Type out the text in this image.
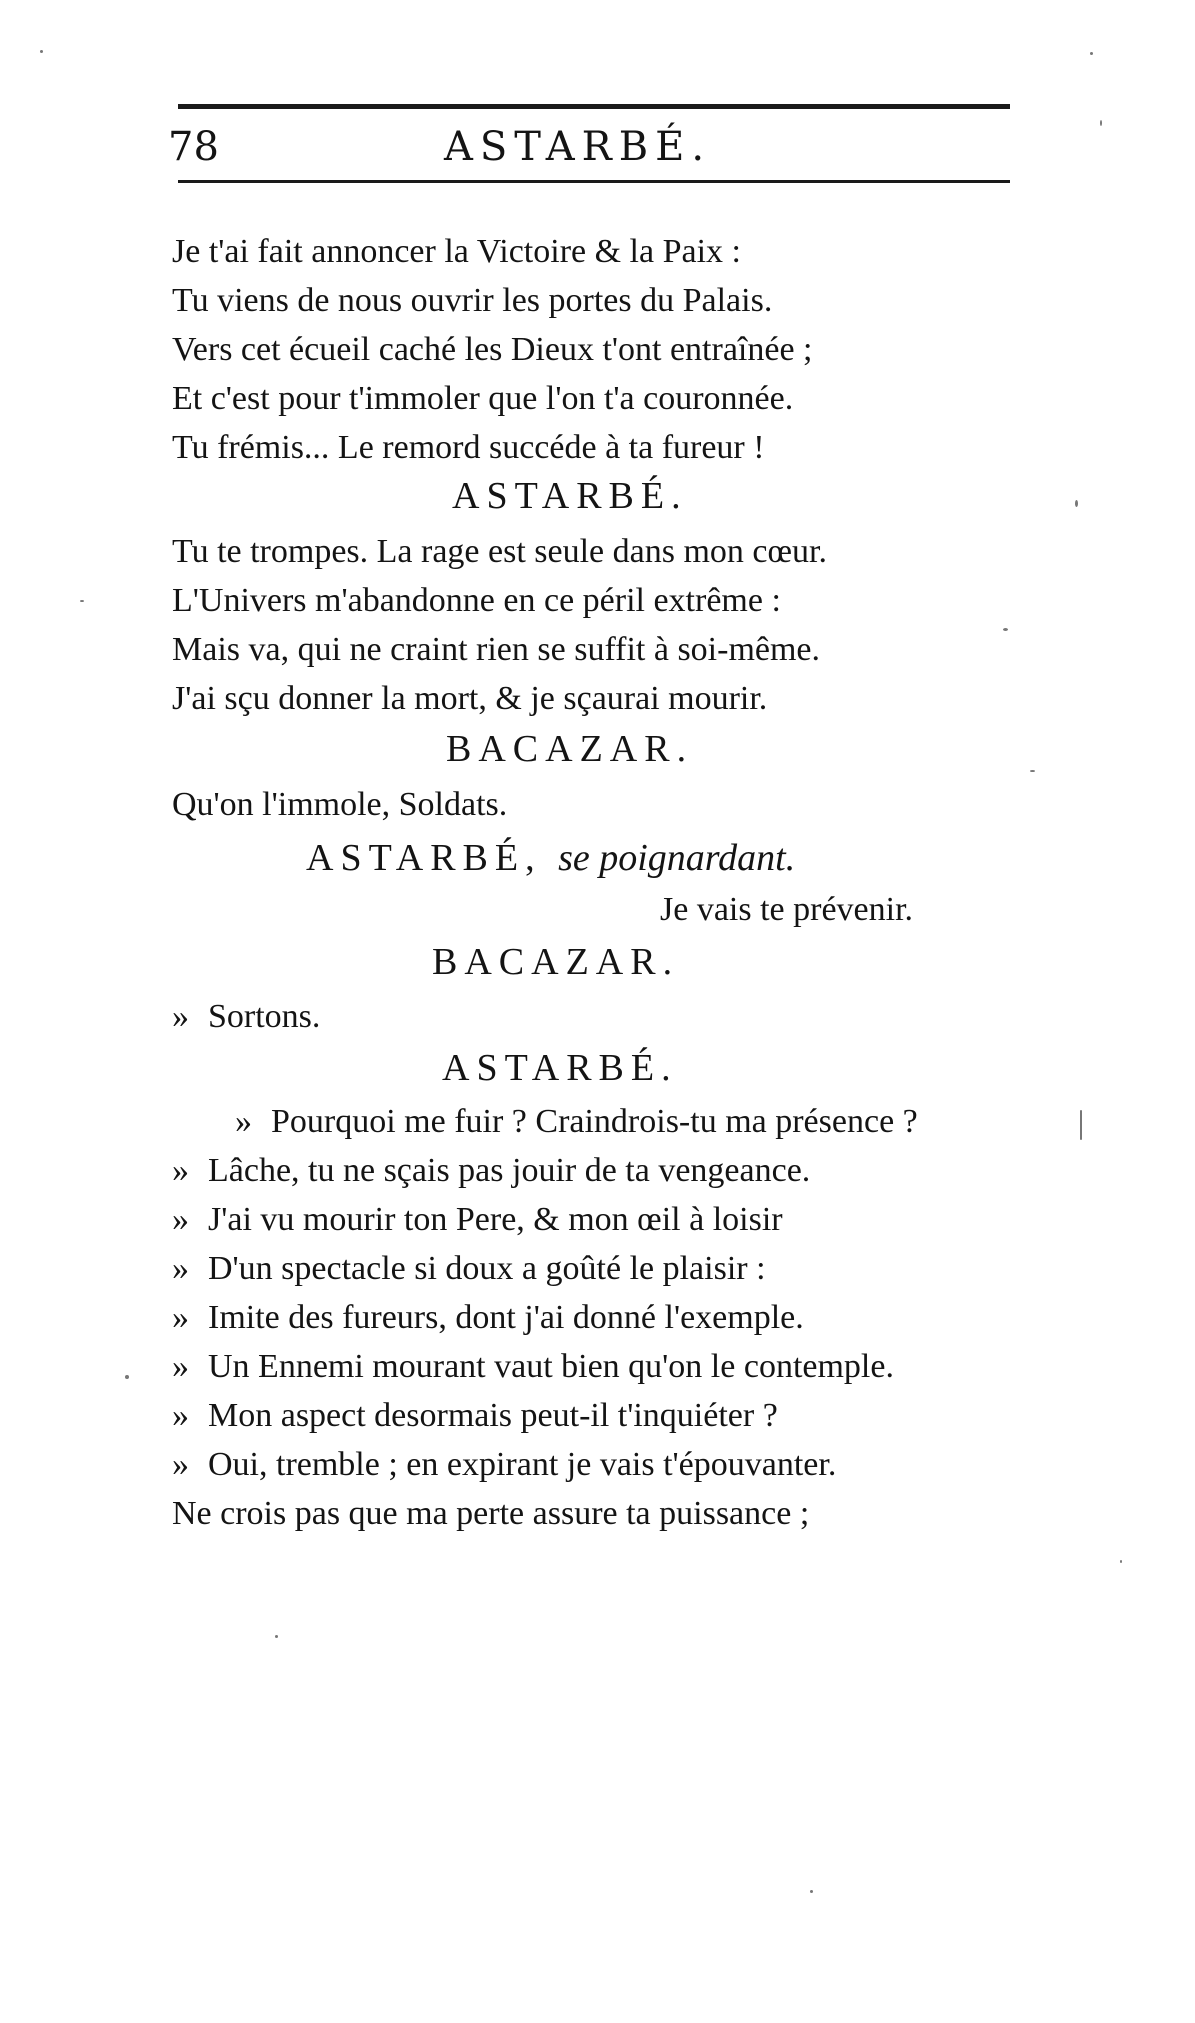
78	ASTARBÉ.
Je t'ai fait annoncer la Victoire & la Paix :
Tu viens de nous ouvrir les portes du Palais.
Vers cet écueil caché les Dieux t'ont entraînée ;
Et c'est pour t'immoler que l'on t'a couronnée.
Tu frémis... Le remord succéde à ta fureur !
ASTARBÉ.
Tu te trompes. La rage est seule dans mon cœur.
L'Univers m'abandonne en ce péril extrême :
Mais va, qui ne craint rien se suffit à soi-même.
J'ai sçu donner la mort, & je sçaurai mourir.
BACAZAR.
Qu'on l'immole, Soldats.
ASTARBÉ, se poignardant.
Je vais te prévenir.
BACAZAR.
» Sortons.
ASTARBÉ.
» Pourquoi me fuir ? Craindrois-tu ma présence ?
» Lâche, tu ne sçais pas jouir de ta vengeance.
» J'ai vu mourir ton Pere, & mon œil à loisir
» D'un spectacle si doux a goûté le plaisir :
» Imite des fureurs, dont j'ai donné l'exemple.
» Un Ennemi mourant vaut bien qu'on le contemple.
» Mon aspect desormais peut-il t'inquiéter ?
» Oui, tremble ; en expirant je vais t'épouvanter.
Ne crois pas que ma perte assure ta puissance ;
